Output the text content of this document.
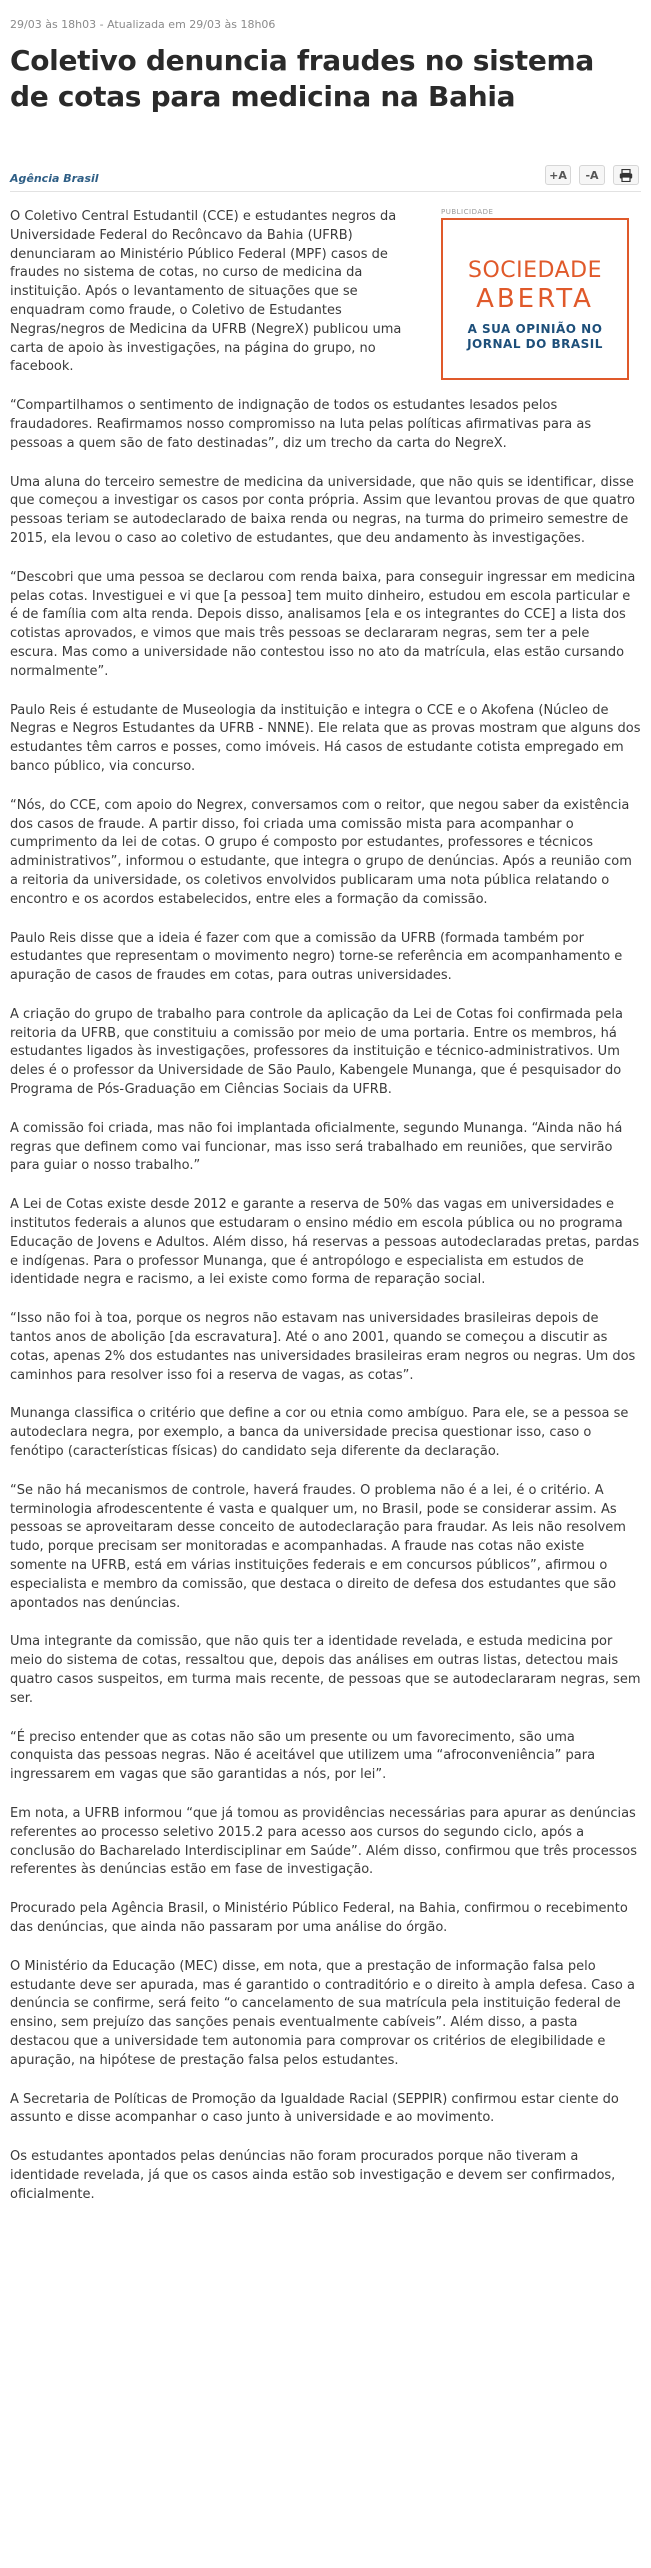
29/03 às 18h03 - Atualizada em 29/03 às 18h06
Coletivo denuncia fraudes no sistema de cotas para medicina na Bahia
Agência Brasil	+A	-A
PUBLICIDADE
SOCIEDADE
ABERTA
A SUA OPINIÃO NO JORNAL DO BRASIL

O Coletivo Central Estudantil (CCE) e estudantes negros da Universidade Federal do Recôncavo da Bahia (UFRB) denunciaram ao Ministério Público Federal (MPF) casos de fraudes no sistema de cotas, no curso de medicina da instituição. Após o levantamento de situações que se enquadram como fraude, o Coletivo de Estudantes Negras/negros de Medicina da UFRB (NegreX) publicou uma carta de apoio às investigações, na página do grupo, no facebook.

“Compartilhamos o sentimento de indignação de todos os estudantes lesados pelos fraudadores. Reafirmamos nosso compromisso na luta pelas políticas afirmativas para as pessoas a quem são de fato destinadas”, diz um trecho da carta do NegreX.

Uma aluna do terceiro semestre de medicina da universidade, que não quis se identificar, disse que começou a investigar os casos por conta própria. Assim que levantou provas de que quatro pessoas teriam se autodeclarado de baixa renda ou negras, na turma do primeiro semestre de 2015, ela levou o caso ao coletivo de estudantes, que deu andamento às investigações.

“Descobri que uma pessoa se declarou com renda baixa, para conseguir ingressar em medicina pelas cotas. Investiguei e vi que [a pessoa] tem muito dinheiro, estudou em escola particular e é de família com alta renda. Depois disso, analisamos [ela e os integrantes do CCE] a lista dos cotistas aprovados, e vimos que mais três pessoas se declararam negras, sem ter a pele escura. Mas como a universidade não contestou isso no ato da matrícula, elas estão cursando normalmente”.

Paulo Reis é estudante de Museologia da instituição e integra o CCE e o Akofena (Núcleo de Negras e Negros Estudantes da UFRB - NNNE). Ele relata que as provas mostram que alguns dos estudantes têm carros e posses, como imóveis. Há casos de estudante cotista empregado em banco público, via concurso.

“Nós, do CCE, com apoio do Negrex, conversamos com o reitor, que negou saber da existência dos casos de fraude. A partir disso, foi criada uma comissão mista para acompanhar o cumprimento da lei de cotas. O grupo é composto por estudantes, professores e técnicos administrativos”, informou o estudante, que integra o grupo de denúncias. Após a reunião com a reitoria da universidade, os coletivos envolvidos publicaram uma nota pública relatando o encontro e os acordos estabelecidos, entre eles a formação da comissão.

Paulo Reis disse que a ideia é fazer com que a comissão da UFRB (formada também por estudantes que representam o movimento negro) torne-se referência em acompanhamento e apuração de casos de fraudes em cotas, para outras universidades.

A criação do grupo de trabalho para controle da aplicação da Lei de Cotas foi confirmada pela reitoria da UFRB, que constituiu a comissão por meio de uma portaria. Entre os membros, há estudantes ligados às investigações, professores da instituição e técnico-administrativos. Um deles é o professor da Universidade de São Paulo, Kabengele Munanga, que é pesquisador do Programa de Pós-Graduação em Ciências Sociais da UFRB.

A comissão foi criada, mas não foi implantada oficialmente, segundo Munanga. “Ainda não há regras que definem como vai funcionar, mas isso será trabalhado em reuniões, que servirão para guiar o nosso trabalho.”

A Lei de Cotas existe desde 2012 e garante a reserva de 50% das vagas em universidades e institutos federais a alunos que estudaram o ensino médio em escola pública ou no programa Educação de Jovens e Adultos. Além disso, há reservas a pessoas autodeclaradas pretas, pardas e indígenas. Para o professor Munanga, que é antropólogo e especialista em estudos de identidade negra e racismo, a lei existe como forma de reparação social.

“Isso não foi à toa, porque os negros não estavam nas universidades brasileiras depois de tantos anos de abolição [da escravatura]. Até o ano 2001, quando se começou a discutir as cotas, apenas 2% dos estudantes nas universidades brasileiras eram negros ou negras. Um dos caminhos para resolver isso foi a reserva de vagas, as cotas”.

Munanga classifica o critério que define a cor ou etnia como ambíguo. Para ele, se a pessoa se autodeclara negra, por exemplo, a banca da universidade precisa questionar isso, caso o fenótipo (características físicas) do candidato seja diferente da declaração.

“Se não há mecanismos de controle, haverá fraudes. O problema não é a lei, é o critério. A terminologia afrodescentente é vasta e qualquer um, no Brasil, pode se considerar assim. As pessoas se aproveitaram desse conceito de autodeclaração para fraudar. As leis não resolvem tudo, porque precisam ser monitoradas e acompanhadas. A fraude nas cotas não existe somente na UFRB, está em várias instituições federais e em concursos públicos”, afirmou o especialista e membro da comissão, que destaca o direito de defesa dos estudantes que são apontados nas denúncias.

Uma integrante da comissão, que não quis ter a identidade revelada, e estuda medicina por meio do sistema de cotas, ressaltou que, depois das análises em outras listas, detectou mais quatro casos suspeitos, em turma mais recente, de pessoas que se autodeclararam negras, sem ser.

“É preciso entender que as cotas não são um presente ou um favorecimento, são uma conquista das pessoas negras. Não é aceitável que utilizem uma “afroconveniência” para ingressarem em vagas que são garantidas a nós, por lei”.

Em nota, a UFRB informou “que já tomou as providências necessárias para apurar as denúncias referentes ao processo seletivo 2015.2 para acesso aos cursos do segundo ciclo, após a conclusão do Bacharelado Interdisciplinar em Saúde”. Além disso, confirmou que três processos referentes às denúncias estão em fase de investigação.

Procurado pela Agência Brasil, o Ministério Público Federal, na Bahia, confirmou o recebimento das denúncias, que ainda não passaram por uma análise do órgão.

O Ministério da Educação (MEC) disse, em nota, que a prestação de informação falsa pelo estudante deve ser apurada, mas é garantido o contraditório e o direito à ampla defesa. Caso a denúncia se confirme, será feito “o cancelamento de sua matrícula pela instituição federal de ensino, sem prejuízo das sanções penais eventualmente cabíveis”. Além disso, a pasta destacou que a universidade tem autonomia para comprovar os critérios de elegibilidade e apuração, na hipótese de prestação falsa pelos estudantes.

A Secretaria de Políticas de Promoção da Igualdade Racial (SEPPIR) confirmou estar ciente do assunto e disse acompanhar o caso junto à universidade e ao movimento.

Os estudantes apontados pelas denúncias não foram procurados porque não tiveram a identidade revelada, já que os casos ainda estão sob investigação e devem ser confirmados, oficialmente.
